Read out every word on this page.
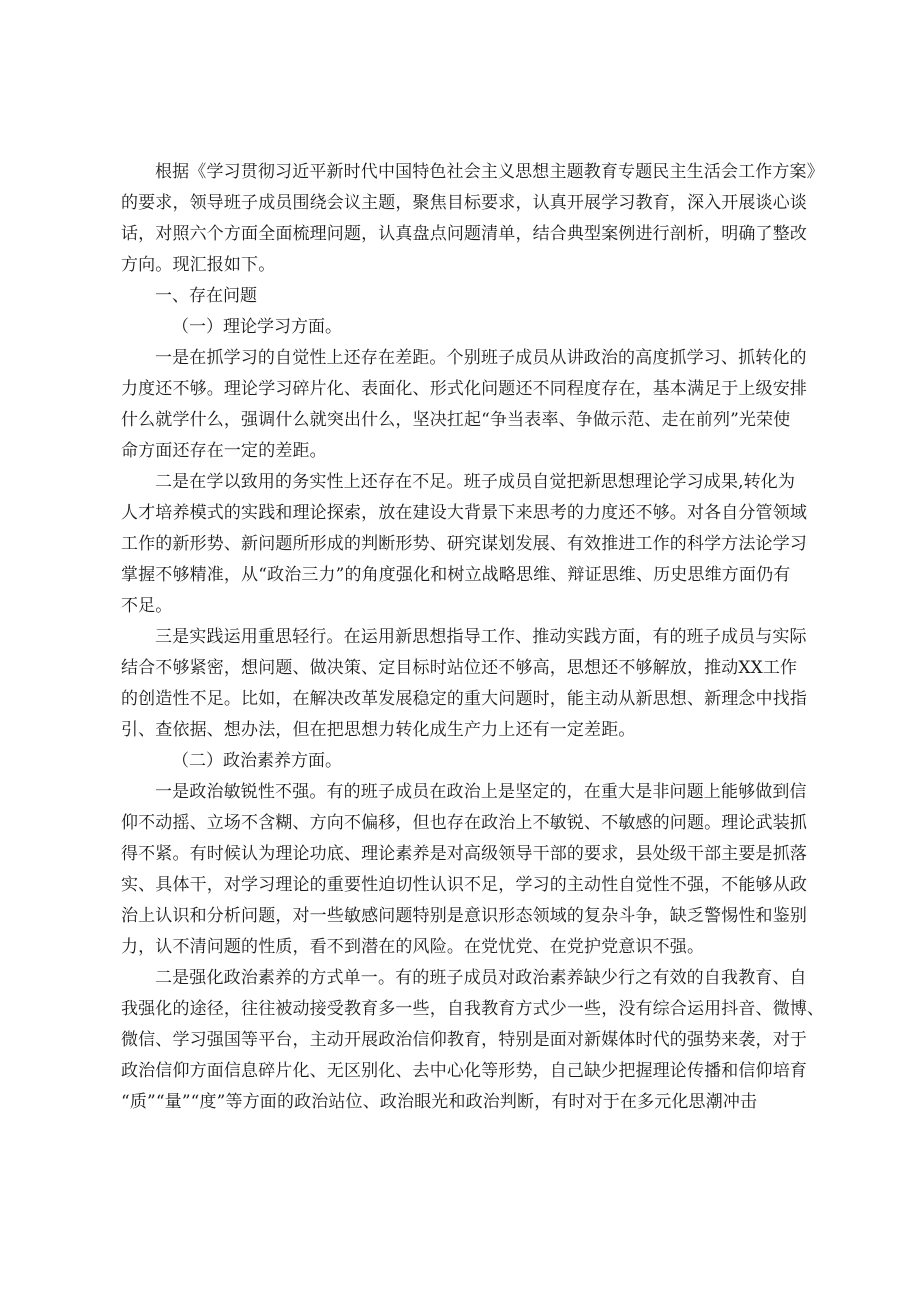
根据《学习贯彻习近平新时代中国特色社会主义思想主题教育专题民主生活会工作方案》
的要求，领导班子成员围绕会议主题，聚焦目标要求，认真开展学习教育，深入开展谈心谈
话，对照六个方面全面梳理问题，认真盘点问题清单，结合典型案例进行剖析，明确了整改
方向。现汇报如下。
一、存在问题
（一）理论学习方面。
一是在抓学习的自觉性上还存在差距。个别班子成员从讲政治的高度抓学习、抓转化的
力度还不够。理论学习碎片化、表面化、形式化问题还不同程度存在，基本满足于上级安排
什么就学什么，强调什么就突出什么，坚决扛起“争当表率、争做示范、走在前列”光荣使
命方面还存在一定的差距。
二是在学以致用的务实性上还存在不足。班子成员自觉把新思想理论学习成果,转化为
人才培养模式的实践和理论探索，放在建设大背景下来思考的力度还不够。对各自分管领域
工作的新形势、新问题所形成的判断形势、研究谋划发展、有效推进工作的科学方法论学习
掌握不够精准，从“政治三力”的角度强化和树立战略思维、辩证思维、历史思维方面仍有
不足。
三是实践运用重思轻行。在运用新思想指导工作、推动实践方面，有的班子成员与实际
结合不够紧密，想问题、做决策、定目标时站位还不够高，思想还不够解放，推动XX工作
的创造性不足。比如，在解决改革发展稳定的重大问题时，能主动从新思想、新理念中找指
引、查依据、想办法，但在把思想力转化成生产力上还有一定差距。
（二）政治素养方面。
一是政治敏锐性不强。有的班子成员在政治上是坚定的，在重大是非问题上能够做到信
仰不动摇、立场不含糊、方向不偏移，但也存在政治上不敏锐、不敏感的问题。理论武装抓
得不紧。有时候认为理论功底、理论素养是对高级领导干部的要求，县处级干部主要是抓落
实、具体干，对学习理论的重要性迫切性认识不足，学习的主动性自觉性不强，不能够从政
治上认识和分析问题，对一些敏感问题特别是意识形态领域的复杂斗争，缺乏警惕性和鉴别
力，认不清问题的性质，看不到潜在的风险。在党忧党、在党护党意识不强。
二是强化政治素养的方式单一。有的班子成员对政治素养缺少行之有效的自我教育、自
我强化的途径，往往被动接受教育多一些，自我教育方式少一些，没有综合运用抖音、微博、
微信、学习强国等平台，主动开展政治信仰教育，特别是面对新媒体时代的强势来袭，对于
政治信仰方面信息碎片化、无区别化、去中心化等形势，自己缺少把握理论传播和信仰培育
“质”“量”“度”等方面的政治站位、政治眼光和政治判断，有时对于在多元化思潮冲击
